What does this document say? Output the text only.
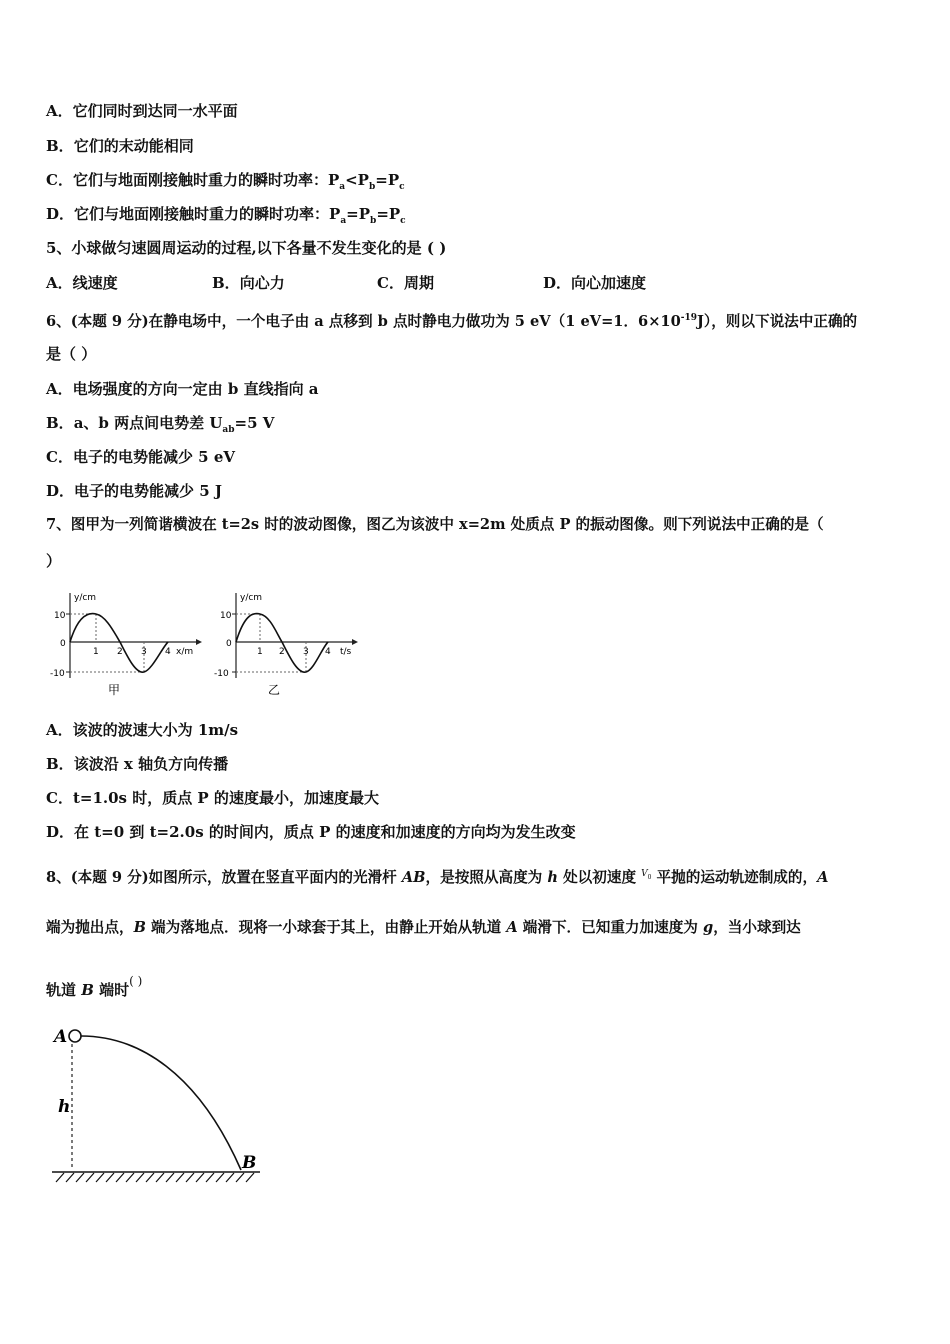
A．它们同时到达同一水平面
B．它们的末动能相同
C．它们与地面刚接触时重力的瞬时功率：$P_a<P_b=P_c$
D．它们与地面刚接触时重力的瞬时功率：$P_a=P_b=P_c$
5、小球做匀速圆周运动的过程,以下各量不发生变化的是 ( )
A．线速度	B．向心力	C．周期	D．向心加速度
6、(本题 9 分)在静电场中，一个电子由 a 点移到 b 点时静电力做功为 5 eV（1 eV=1．$6\times 10^{-19}J$），则以下说法中正确的
是（ ）
A．电场强度的方向一定由 b 直线指向 a
B．a、b 两点间电势差 $U_{ab}=5$ V
C．电子的电势能减少 5 eV
D．电子的电势能减少 5 J
7、图甲为一列简谐横波在 t=2s 时的波动图像，图乙为该波中 x=2m 处质点 P 的振动图像。则下列说法中正确的是（
）
y/cm
10
0
-10
1 2 3 4 x/m
甲
y/cm
10
0
-10
1 2 3 4 t/s
乙
A．该波的波速大小为 1m/s
B．该波沿 x 轴负方向传播
C．t=1.0s 时，质点 P 的速度最小，加速度最大
D．在 t=0 到 t=2.0s 的时间内，质点 P 的速度和加速度的方向均为发生改变
8、(本题 9 分)如图所示，放置在竖直平面内的光滑杆 AB，是按照从高度为 h 处以初速度 $^{V_0}$ 平抛的运动轨迹制成的，A
端为抛出点，B 端为落地点．现将一小球套于其上，由静止开始从轨道 A 端滑下．已知重力加速度为 g，当小球到达
轨道 B 端时( )
A
h
B
